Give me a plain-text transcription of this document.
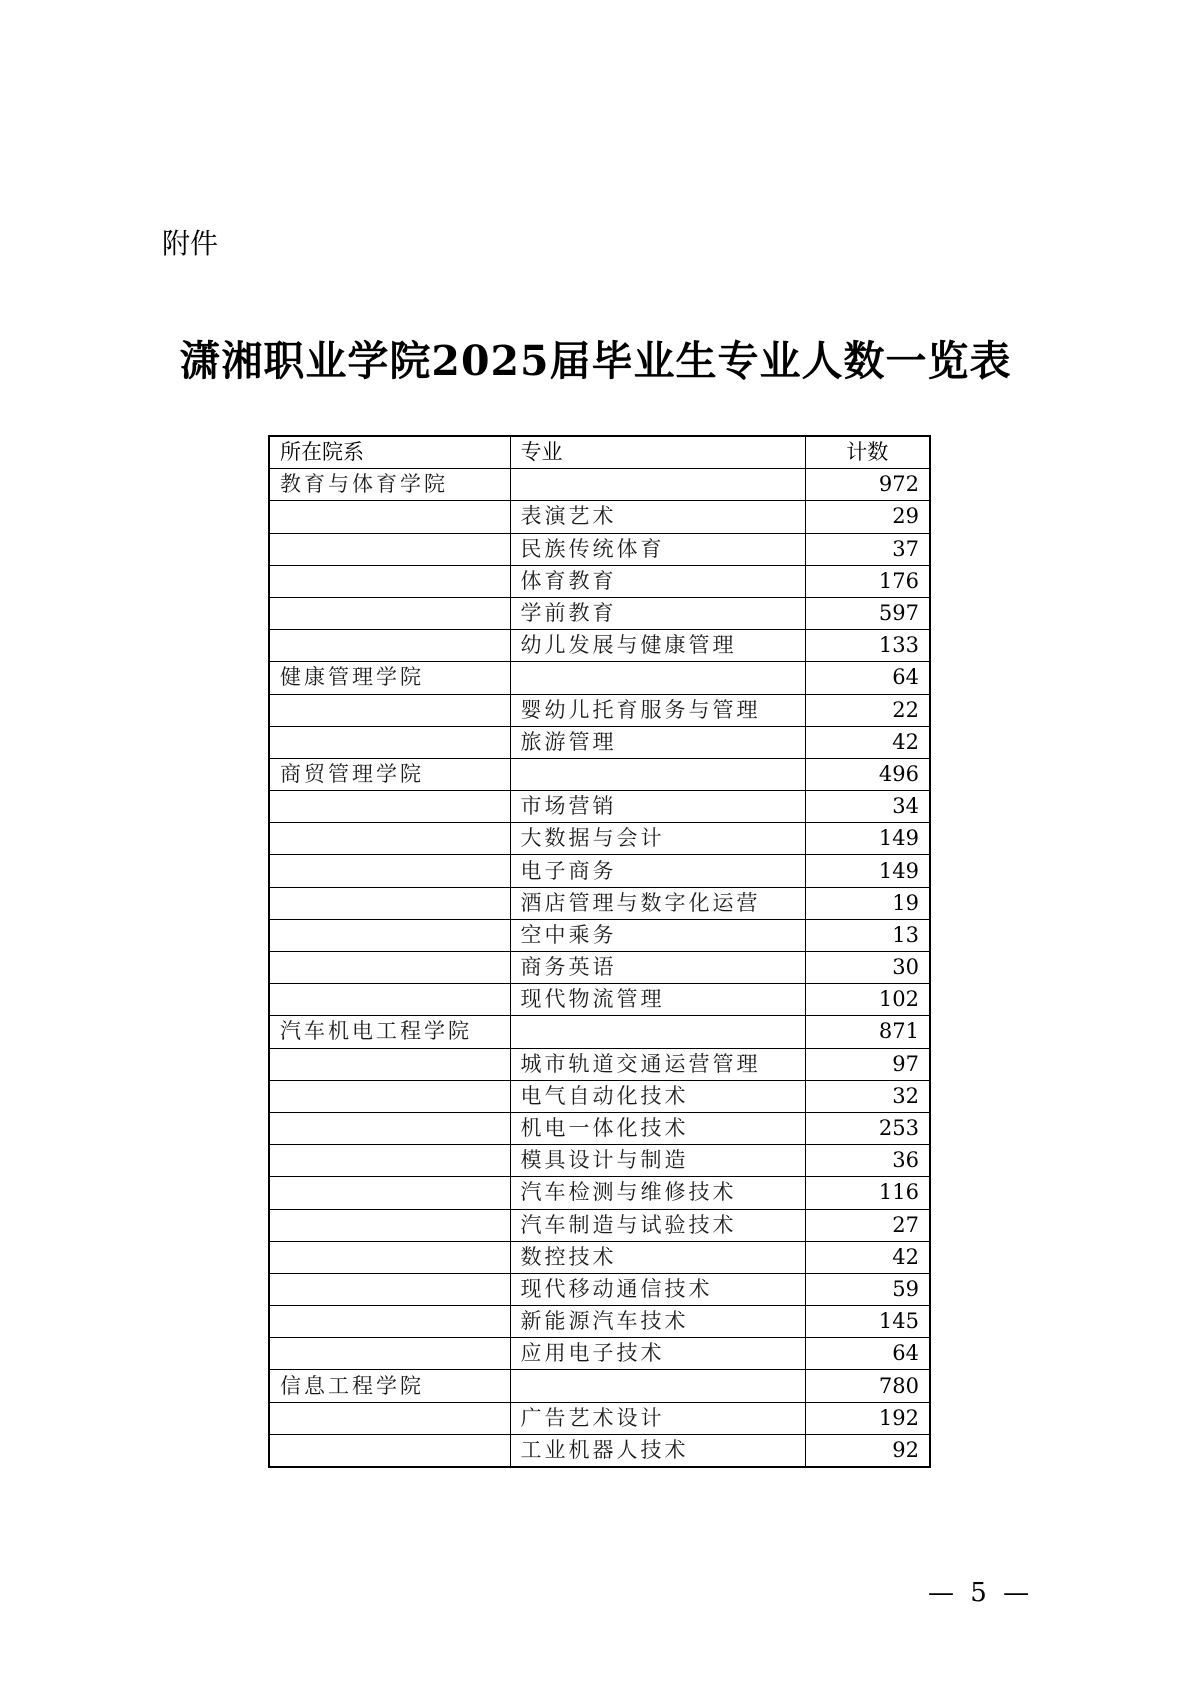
附件
潇湘职业学院2025届毕业生专业人数一览表
所在院系	专业	计数
教育与体育学院		972
	表演艺术	29
	民族传统体育	37
	体育教育	176
	学前教育	597
	幼儿发展与健康管理	133
健康管理学院		64
	婴幼儿托育服务与管理	22
	旅游管理	42
商贸管理学院		496
	市场营销	34
	大数据与会计	149
	电子商务	149
	酒店管理与数字化运营	19
	空中乘务	13
	商务英语	30
	现代物流管理	102
汽车机电工程学院		871
	城市轨道交通运营管理	97
	电气自动化技术	32
	机电一体化技术	253
	模具设计与制造	36
	汽车检测与维修技术	116
	汽车制造与试验技术	27
	数控技术	42
	现代移动通信技术	59
	新能源汽车技术	145
	应用电子技术	64
信息工程学院		780
	广告艺术设计	192
	工业机器人技术	92
— 5 —
